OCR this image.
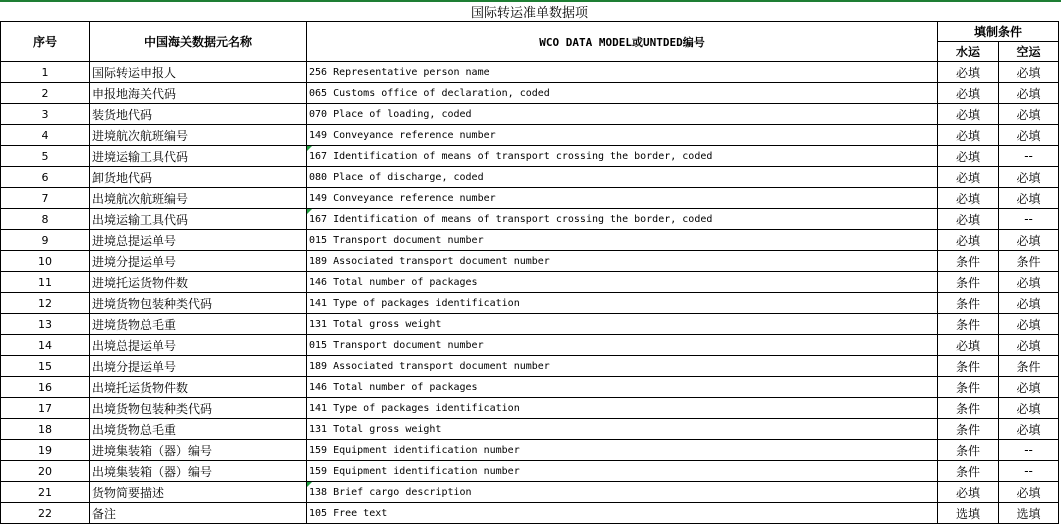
国际转运准单数据项				
序号	中国海关数据元名称	WCO DATA MODEL或UNTDED编号	填制条件	
			水运	空运
1	国际转运申报人	256 Representative person name	必填	必填
2	申报地海关代码	065 Customs office of declaration, coded	必填	必填
3	装货地代码	070 Place of loading, coded	必填	必填
4	进境航次航班编号	149 Conveyance reference number	必填	必填
5	进境运输工具代码	167 Identification of means of transport crossing the border, coded	必填	--
6	卸货地代码	080 Place of discharge, coded	必填	必填
7	出境航次航班编号	149 Conveyance reference number	必填	必填
8	出境运输工具代码	167 Identification of means of transport crossing the border, coded	必填	--
9	进境总提运单号	015 Transport document number	必填	必填
10	进境分提运单号	189 Associated transport document number	条件	条件
11	进境托运货物件数	146 Total number of packages	条件	必填
12	进境货物包装种类代码	141 Type of packages identification	条件	必填
13	进境货物总毛重	131 Total gross weight	条件	必填
14	出境总提运单号	015 Transport document number	必填	必填
15	出境分提运单号	189 Associated transport document number	条件	条件
16	出境托运货物件数	146 Total number of packages	条件	必填
17	出境货物包装种类代码	141 Type of packages identification	条件	必填
18	出境货物总毛重	131 Total gross weight	条件	必填
19	进境集装箱（器）编号	159 Equipment identification number	条件	--
20	出境集装箱（器）编号	159 Equipment identification number	条件	--
21	货物简要描述	138 Brief cargo description	必填	必填
22	备注	105 Free text	选填	选填
